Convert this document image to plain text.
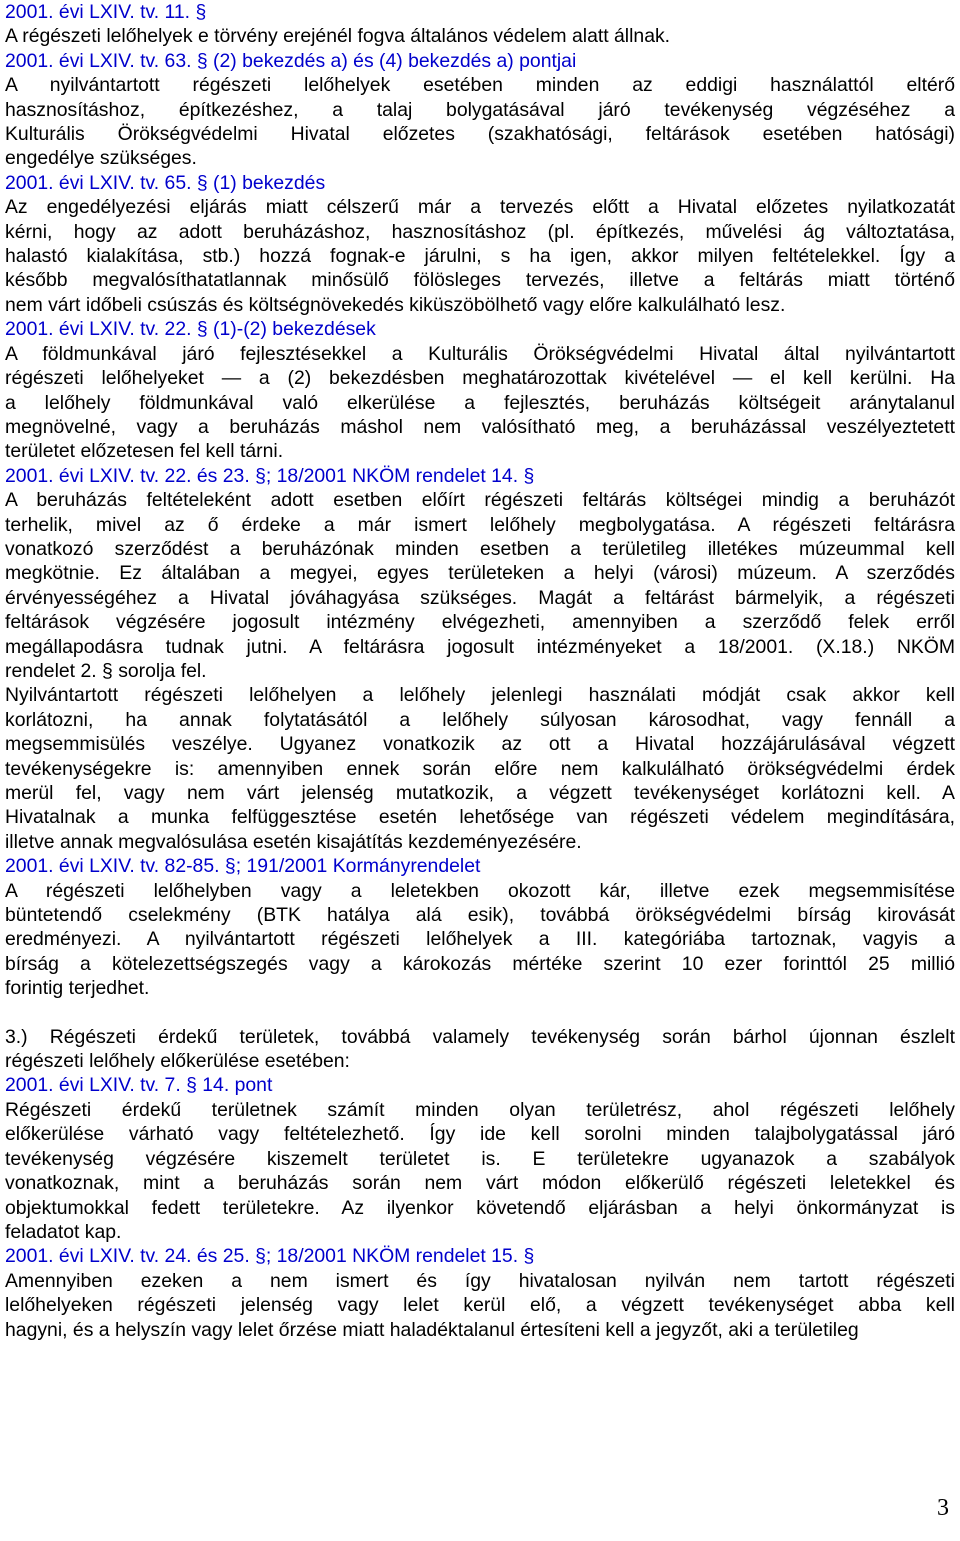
2001. évi LXIV. tv. 11. §
A régészeti lelőhelyek e törvény erejénél fogva általános védelem alatt állnak.
2001. évi LXIV. tv. 63. § (2) bekezdés a) és (4) bekezdés a) pontjai
A nyilvántartott régészeti lelőhelyek esetében minden az eddigi használattól eltérő
hasznosításhoz, építkezéshez, a talaj bolygatásával járó tevékenység végzéséhez a
Kulturális Örökségvédelmi Hivatal előzetes (szakhatósági, feltárások esetében hatósági)
engedélye szükséges.
2001. évi LXIV. tv. 65. § (1) bekezdés
Az engedélyezési eljárás miatt célszerű már a tervezés előtt a Hivatal előzetes nyilatkozatát
kérni, hogy az adott beruházáshoz, hasznosításhoz (pl. építkezés, művelési ág változtatása,
halastó kialakítása, stb.) hozzá fognak-e járulni, s ha igen, akkor milyen feltételekkel. Így a
később megvalósíthatatlannak minősülő fölösleges tervezés, illetve a feltárás miatt történő
nem várt időbeli csúszás és költségnövekedés kiküszöbölhető vagy előre kalkulálható lesz.
2001. évi LXIV. tv. 22. § (1)-(2) bekezdések
A földmunkával járó fejlesztésekkel a Kulturális Örökségvédelmi Hivatal által nyilvántartott
régészeti lelőhelyeket — a (2) bekezdésben meghatározottak kivételével — el kell kerülni. Ha
a lelőhely földmunkával való elkerülése a fejlesztés, beruházás költségeit aránytalanul
megnövelné, vagy a beruházás máshol nem valósítható meg, a beruházással veszélyeztetett
területet előzetesen fel kell tárni.
2001. évi LXIV. tv. 22. és 23. §; 18/2001 NKÖM rendelet 14. §
A beruházás feltételeként adott esetben előírt régészeti feltárás költségei mindig a beruházót
terhelik, mivel az ő érdeke a már ismert lelőhely megbolygatása. A régészeti feltárásra
vonatkozó szerződést a beruházónak minden esetben a területileg illetékes múzeummal kell
megkötnie. Ez általában a megyei, egyes területeken a helyi (városi) múzeum. A szerződés
érvényességéhez a Hivatal jóváhagyása szükséges. Magát a feltárást bármelyik, a régészeti
feltárások végzésére jogosult intézmény elvégezheti, amennyiben a szerződő felek erről
megállapodásra tudnak jutni. A feltárásra jogosult intézményeket a 18/2001. (X.18.) NKÖM
rendelet 2. § sorolja fel.
Nyilvántartott régészeti lelőhelyen a lelőhely jelenlegi használati módját csak akkor kell
korlátozni, ha annak folytatásától a lelőhely súlyosan károsodhat, vagy fennáll a
megsemmisülés veszélye. Ugyanez vonatkozik az ott a Hivatal hozzájárulásával végzett
tevékenységekre is: amennyiben ennek során előre nem kalkulálható örökségvédelmi érdek
merül fel, vagy nem várt jelenség mutatkozik, a végzett tevékenységet korlátozni kell. A
Hivatalnak a munka felfüggesztése esetén lehetősége van régészeti védelem megindítására,
illetve annak megvalósulása esetén kisajátítás kezdeményezésére.
2001. évi LXIV. tv. 82-85. §; 191/2001 Kormányrendelet
A régészeti lelőhelyben vagy a leletekben okozott kár, illetve ezek megsemmisítése
büntetendő cselekmény (BTK hatálya alá esik), továbbá örökségvédelmi bírság kirovását
eredményezi. A nyilvántartott régészeti lelőhelyek a III. kategóriába tartoznak, vagyis a
bírság a kötelezettségszegés vagy a károkozás mértéke szerint 10 ezer forinttól 25 millió
forintig terjedhet.
3.) Régészeti érdekű területek, továbbá valamely tevékenység során bárhol újonnan észlelt
régészeti lelőhely előkerülése esetében:
2001. évi LXIV. tv. 7. § 14. pont
Régészeti érdekű területnek számít minden olyan területrész, ahol régészeti lelőhely
előkerülése várható vagy feltételezhető. Így ide kell sorolni minden talajbolygatással járó
tevékenység végzésére kiszemelt területet is. E területekre ugyanazok a szabályok
vonatkoznak, mint a beruházás során nem várt módon előkerülő régészeti leletekkel és
objektumokkal fedett területekre. Az ilyenkor követendő eljárásban a helyi önkormányzat is
feladatot kap.
2001. évi LXIV. tv. 24. és 25. §; 18/2001 NKÖM rendelet 15. §
Amennyiben ezeken a nem ismert és így hivatalosan nyilván nem tartott régészeti
lelőhelyeken régészeti jelenség vagy lelet kerül elő, a végzett tevékenységet abba kell
hagyni, és a helyszín vagy lelet őrzése miatt haladéktalanul értesíteni kell a jegyzőt, aki a területileg
3
